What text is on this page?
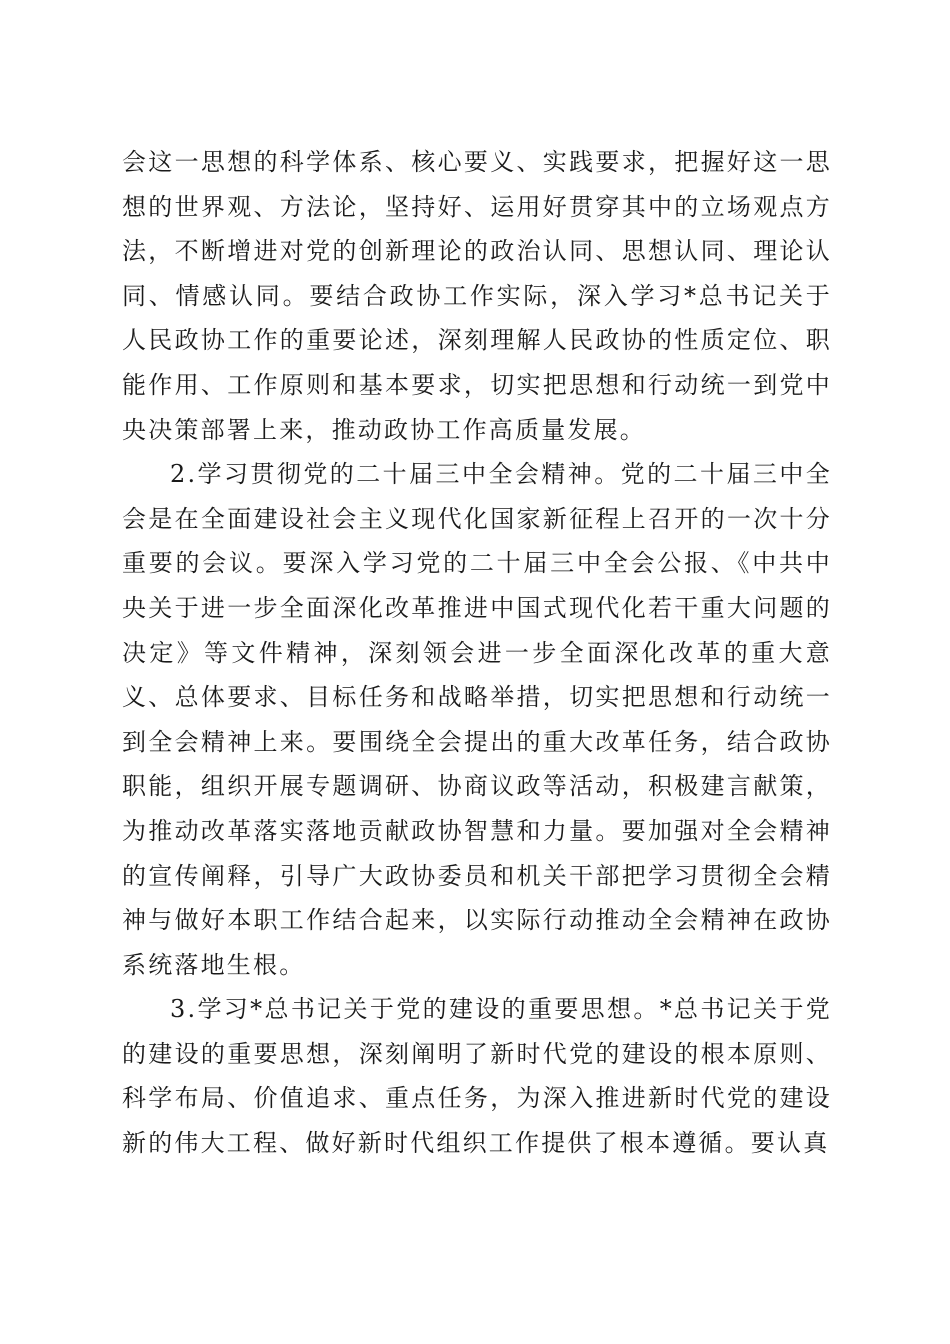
会这一思想的科学体系、核心要义、实践要求，把握好这一思想的世界观、方法论，坚持好、运用好贯穿其中的立场观点方法，不断增进对党的创新理论的政治认同、思想认同、理论认同、情感认同。要结合政协工作实际，深入学习*总书记关于人民政协工作的重要论述，深刻理解人民政协的性质定位、职能作用、工作原则和基本要求，切实把思想和行动统一到党中央决策部署上来，推动政协工作高质量发展。

2.学习贯彻党的二十届三中全会精神。党的二十届三中全会是在全面建设社会主义现代化国家新征程上召开的一次十分重要的会议。要深入学习党的二十届三中全会公报、《中共中央关于进一步全面深化改革推进中国式现代化若干重大问题的决定》等文件精神，深刻领会进一步全面深化改革的重大意义、总体要求、目标任务和战略举措，切实把思想和行动统一到全会精神上来。要围绕全会提出的重大改革任务，结合政协职能，组织开展专题调研、协商议政等活动，积极建言献策，为推动改革落实落地贡献政协智慧和力量。要加强对全会精神的宣传阐释，引导广大政协委员和机关干部把学习贯彻全会精神与做好本职工作结合起来，以实际行动推动全会精神在政协系统落地生根。

3.学习*总书记关于党的建设的重要思想。*总书记关于党的建设的重要思想，深刻阐明了新时代党的建设的根本原则、科学布局、价值追求、重点任务，为深入推进新时代党的建设新的伟大工程、做好新时代组织工作提供了根本遵循。要认真
